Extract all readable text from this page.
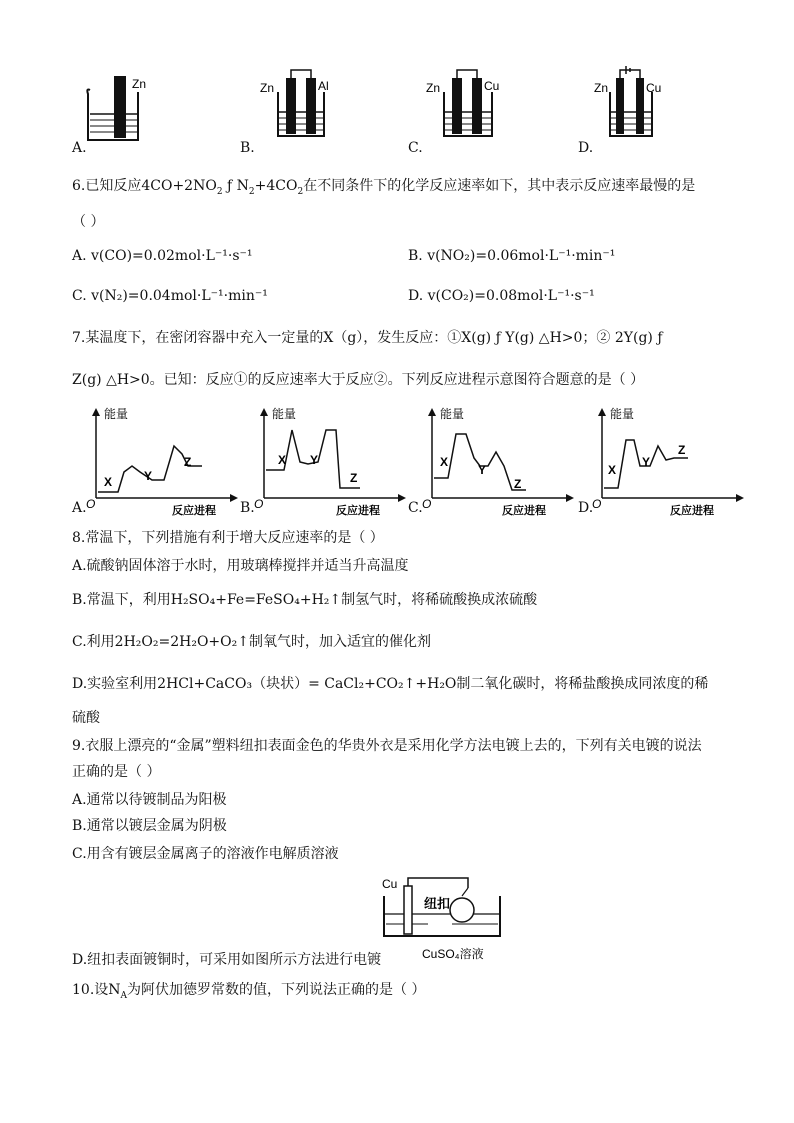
Zn
A.
Zn	Al
B.
Zn	Cu
C.
Zn	Cu
D.
6.已知反应$4CO+2NO_2$ ƒ $N_2+4CO_2$在不同条件下的化学反应速率如下，其中表示反应速率最慢的是
（ ）
A. v(CO)=0.02mol·L⁻¹·s⁻¹	B. v(NO₂)=0.06mol·L⁻¹·min⁻¹
C. v(N₂)=0.04mol·L⁻¹·min⁻¹	D. v(CO₂)=0.08mol·L⁻¹·s⁻¹
7.某温度下，在密闭容器中充入一定量的X（g），发生反应：①X(g) ƒ Y(g) △H>0；② 2Y(g) ƒ
Z(g) △H>0。已知：反应①的反应速率大于反应②。下列反应进程示意图符合题意的是（ ）
能量
反应进程
O
X	Y
Z
A.
能量
反应进程
O
X Y
Z
B.
能量
反应进程
O
X
Y
Z
C.
能量
反应进程
O
X
Y
Z
D.
8.常温下，下列措施有利于增大反应速率的是（ ）
A.硫酸钠固体溶于水时，用玻璃棒搅拌并适当升高温度
B.常温下，利用H₂SO₄+Fe=FeSO₄+H₂↑制氢气时，将稀硫酸换成浓硫酸
C.利用2H₂O₂=2H₂O+O₂↑制氧气时，加入适宜的催化剂
D.实验室利用2HCl+CaCO₃（块状）= CaCl₂+CO₂↑+H₂O制二氧化碳时，将稀盐酸换成同浓度的稀
硫酸
9.衣服上漂亮的“金属”塑料纽扣表面金色的华贵外衣是采用化学方法电镀上去的，下列有关电镀的说法
正确的是（ ）
A.通常以待镀制品为阳极
B.通常以镀层金属为阴极
C.用含有镀层金属离子的溶液作电解质溶液
D.纽扣表面镀铜时，可采用如图所示方法进行电镀
Cu
纽扣
CuSO₄溶液
10.设$N_A$为阿伏加德罗常数的值，下列说法正确的是（ ）
